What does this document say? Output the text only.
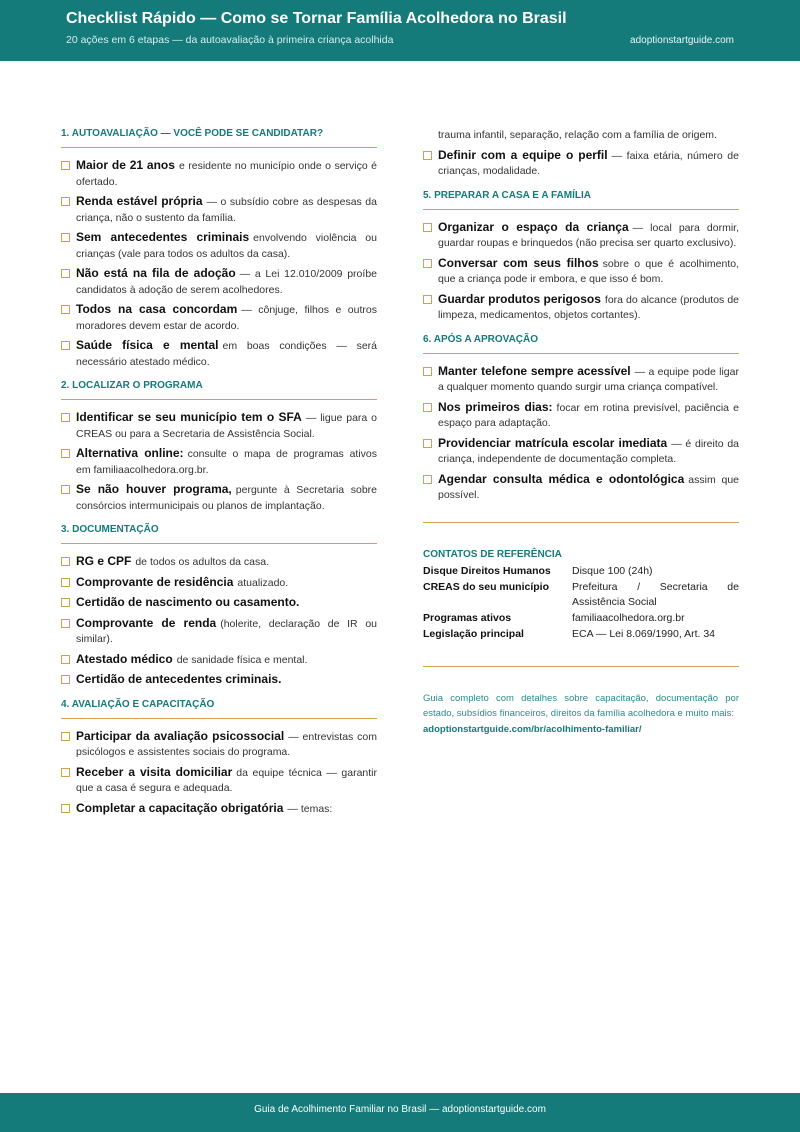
Checklist Rápido — Como se Tornar Família Acolhedora no Brasil
20 ações em 6 etapas — da autoavaliação à primeira criança acolhida	adoptionstartguide.com
1. AUTOAVALIAÇÃO — VOCÊ PODE SE CANDIDATAR?
Maior de 21 anos e residente no município onde o serviço é ofertado.
Renda estável própria — o subsídio cobre as despesas da criança, não o sustento da família.
Sem antecedentes criminais envolvendo violência ou crianças (vale para todos os adultos da casa).
Não está na fila de adoção — a Lei 12.010/2009 proíbe candidatos à adoção de serem acolhedores.
Todos na casa concordam — cônjuge, filhos e outros moradores devem estar de acordo.
Saúde física e mental em boas condições — será necessário atestado médico.
2. LOCALIZAR O PROGRAMA
Identificar se seu município tem o SFA — ligue para o CREAS ou para a Secretaria de Assistência Social.
Alternativa online: consulte o mapa de programas ativos em familiaacolhedora.org.br.
Se não houver programa, pergunte à Secretaria sobre consórcios intermunicipais ou planos de implantação.
3. DOCUMENTAÇÃO
RG e CPF de todos os adultos da casa.
Comprovante de residência atualizado.
Certidão de nascimento ou casamento.
Comprovante de renda (holerite, declaração de IR ou similar).
Atestado médico de sanidade física e mental.
Certidão de antecedentes criminais.
4. AVALIAÇÃO E CAPACITAÇÃO
Participar da avaliação psicossocial — entrevistas com psicólogos e assistentes sociais do programa.
Receber a visita domiciliar da equipe técnica — garantir que a casa é segura e adequada.
Completar a capacitação obrigatória — temas:
trauma infantil, separação, relação com a família de origem.
Definir com a equipe o perfil — faixa etária, número de crianças, modalidade.
5. PREPARAR A CASA E A FAMÍLIA
Organizar o espaço da criança — local para dormir, guardar roupas e brinquedos (não precisa ser quarto exclusivo).
Conversar com seus filhos sobre o que é acolhimento, que a criança pode ir embora, e que isso é bom.
Guardar produtos perigosos fora do alcance (produtos de limpeza, medicamentos, objetos cortantes).
6. APÓS A APROVAÇÃO
Manter telefone sempre acessível — a equipe pode ligar a qualquer momento quando surgir uma criança compatível.
Nos primeiros dias: focar em rotina previsível, paciência e espaço para adaptação.
Providenciar matrícula escolar imediata — é direito da criança, independente de documentação completa.
Agendar consulta médica e odontológica assim que possível.
CONTATOS DE REFERÊNCIA
Disque Direitos Humanos	Disque 100 (24h)
CREAS do seu município	Prefeitura / Secretaria de Assistência Social
Programas ativos	familiaacolhedora.org.br
Legislação principal	ECA — Lei 8.069/1990, Art. 34
Guia completo com detalhes sobre capacitação, documentação por estado, subsídios financeiros, direitos da família acolhedora e muito mais:
adoptionstartguide.com/br/acolhimento-familiar/
Guia de Acolhimento Familiar no Brasil — adoptionstartguide.com
